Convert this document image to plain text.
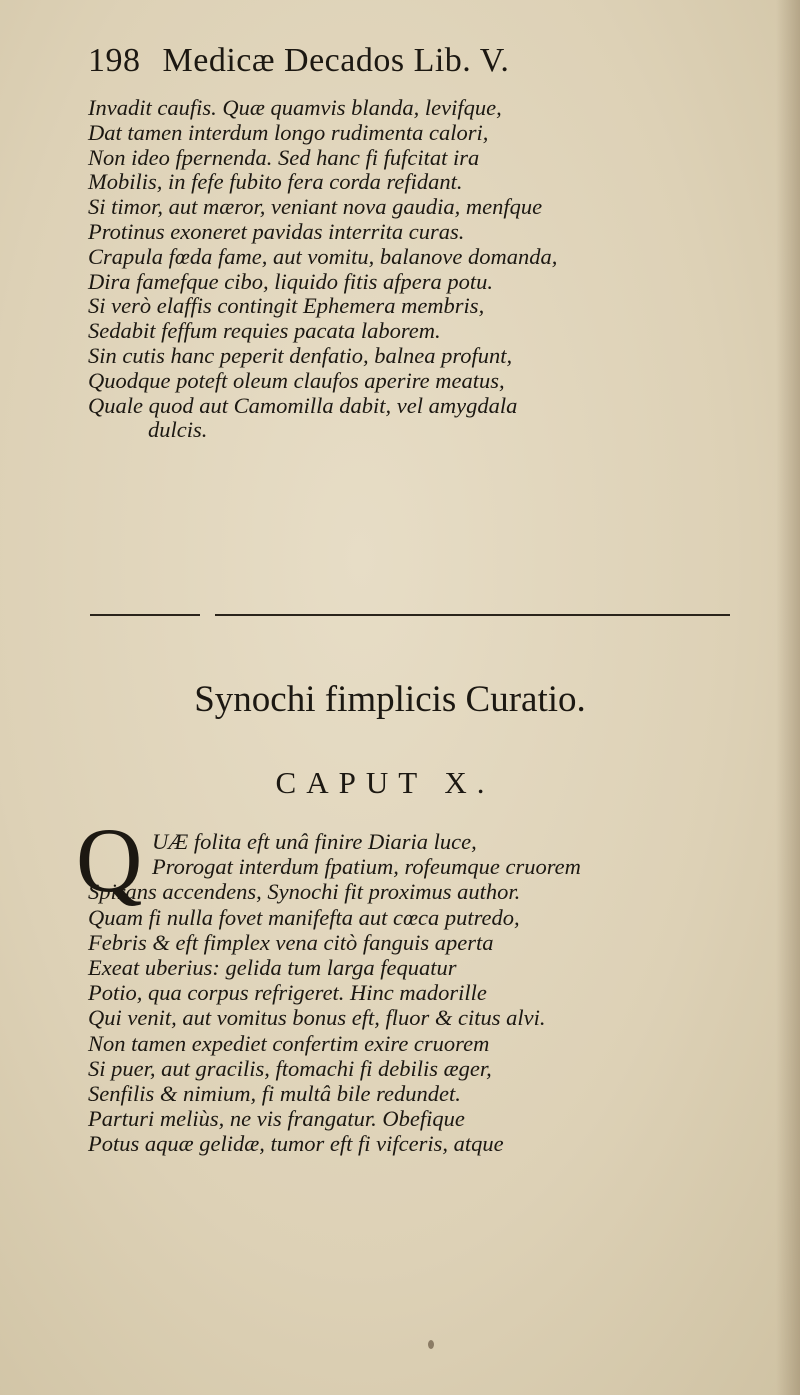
198 Medicæ Decados Lib. V.
Invadit caufis. Quæ quamvis blanda, levifque,
Dat tamen interdum longo rudimenta calori,
Non ideo fpernenda. Sed hanc fi fufcitat ira
Mobilis, in fefe fubito fera corda refidant.
Si timor, aut mæror, veniant nova gaudia, menfque
Protinus exoneret pavidas interrita curas.
Crapula fœda fame, aut vomitu, balanove domanda,
Dira famefque cibo, liquido fitis afpera potu.
Si verò elaffis contingit Ephemera membris,
Sedabit feffum requies pacata laborem.
Sin cutis hanc peperit denfatio, balnea profunt,
Quodque poteft oleum claufos aperire meatus,
Quale quod aut Camomilla dabit, vel amygdala
dulcis.
Synochi fimplicis Curatio.
CAPUT X.
Q UÆ folita eft unâ finire Diaria luce,
Prorogat interdum fpatium, rofeumque cruorem
Spirans accendens, Synochi fit proximus author.
Quam fi nulla fovet manifefta aut cœca putredo,
Febris & eft fimplex vena citò fanguis aperta
Exeat uberius: gelida tum larga fequatur
Potio, qua corpus refrigeret. Hinc madorille
Qui venit, aut vomitus bonus eft, fluor & citus alvi.
Non tamen expediet confertim exire cruorem
Si puer, aut gracilis, ftomachi fi debilis æger,
Senfilis & nimium, fi multâ bile redundet.
Parturi meliùs, ne vis frangatur. Obefique
Potus aquæ gelidæ, tumor eft fi vifceris, atque
